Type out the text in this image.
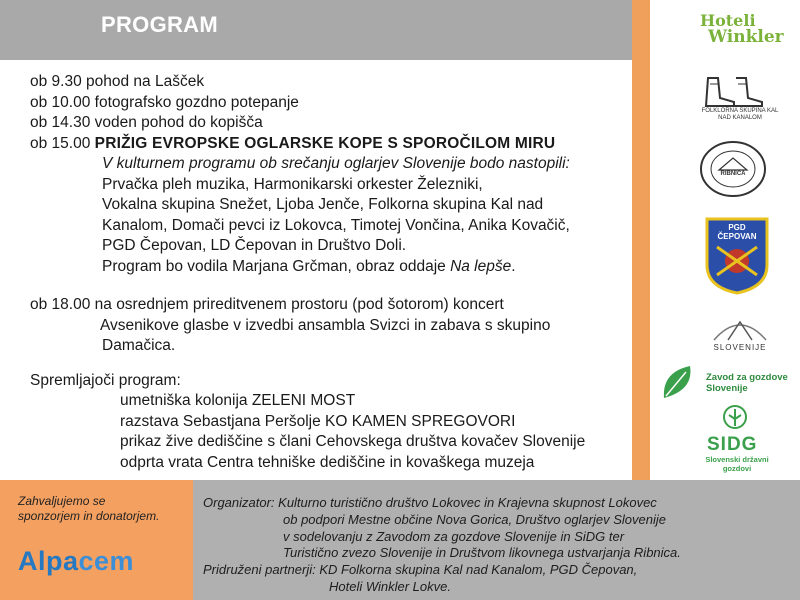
PROGRAM
ob 9.30 pohod na Lašček
ob 10.00 fotografsko gozdno potepanje
ob 14.30 voden pohod do kopišča
ob 15.00 PRIŽIG EVROPSKE OGLARSKE KOPE S SPOROČILOM MIRU
V kulturnem programu ob srečanju oglarjev Slovenije bodo nastopili:
Prvačka pleh muzika, Harmonikarski orkester Železniki,
Vokalna skupina Snežet, Ljoba Jenče, Folkorna skupina Kal nad
Kanalom, Domači pevci iz Lokovca, Timotej Vončina, Anika Kovačič,
PGD Čepovan, LD Čepovan in Društvo Doli.
Program bo vodila Marjana Grčman, obraz oddaje Na lepše.
ob 18.00 na osrednjem prireditvenem prostoru (pod šotorom) koncert
Avsenikove glasbe v izvedbi ansambla Svizci in zabava s skupino
Damačica.
Spremljajoči program:
umetniška kolonija ZELENI MOST
razstava Sebastjana Peršolje KO KAMEN SPREGOVORI
prikaz žive dediščine s člani Cehovskega društva kovačev Slovenije
odprta vrata Centra tehniške dediščine in kovaškega muzeja
Hoteli
Winkler
FOLKLORNA SKUPINA KAL NAD KANALOM
RIBNICA
PGD ČEPOVAN
SLOVENIJE
Zavod za gozdove
Slovenije
SIDG
Slovenski državni gozdovi
Zahvaljujemo se
sponzorjem in donatorjem.
Alpacem
Organizator: Kulturno turistično društvo Lokovec in Krajevna skupnost Lokovec
ob podpori Mestne občine Nova Gorica, Društvo oglarjev Slovenije
v sodelovanju z Zavodom za gozdove Slovenije in SiDG ter
Turistično zvezo Slovenije in Društvom likovnega ustvarjanja Ribnica.
Pridruženi partnerji: KD Folkorna skupina Kal nad Kanalom, PGD Čepovan,
Hoteli Winkler Lokve.
